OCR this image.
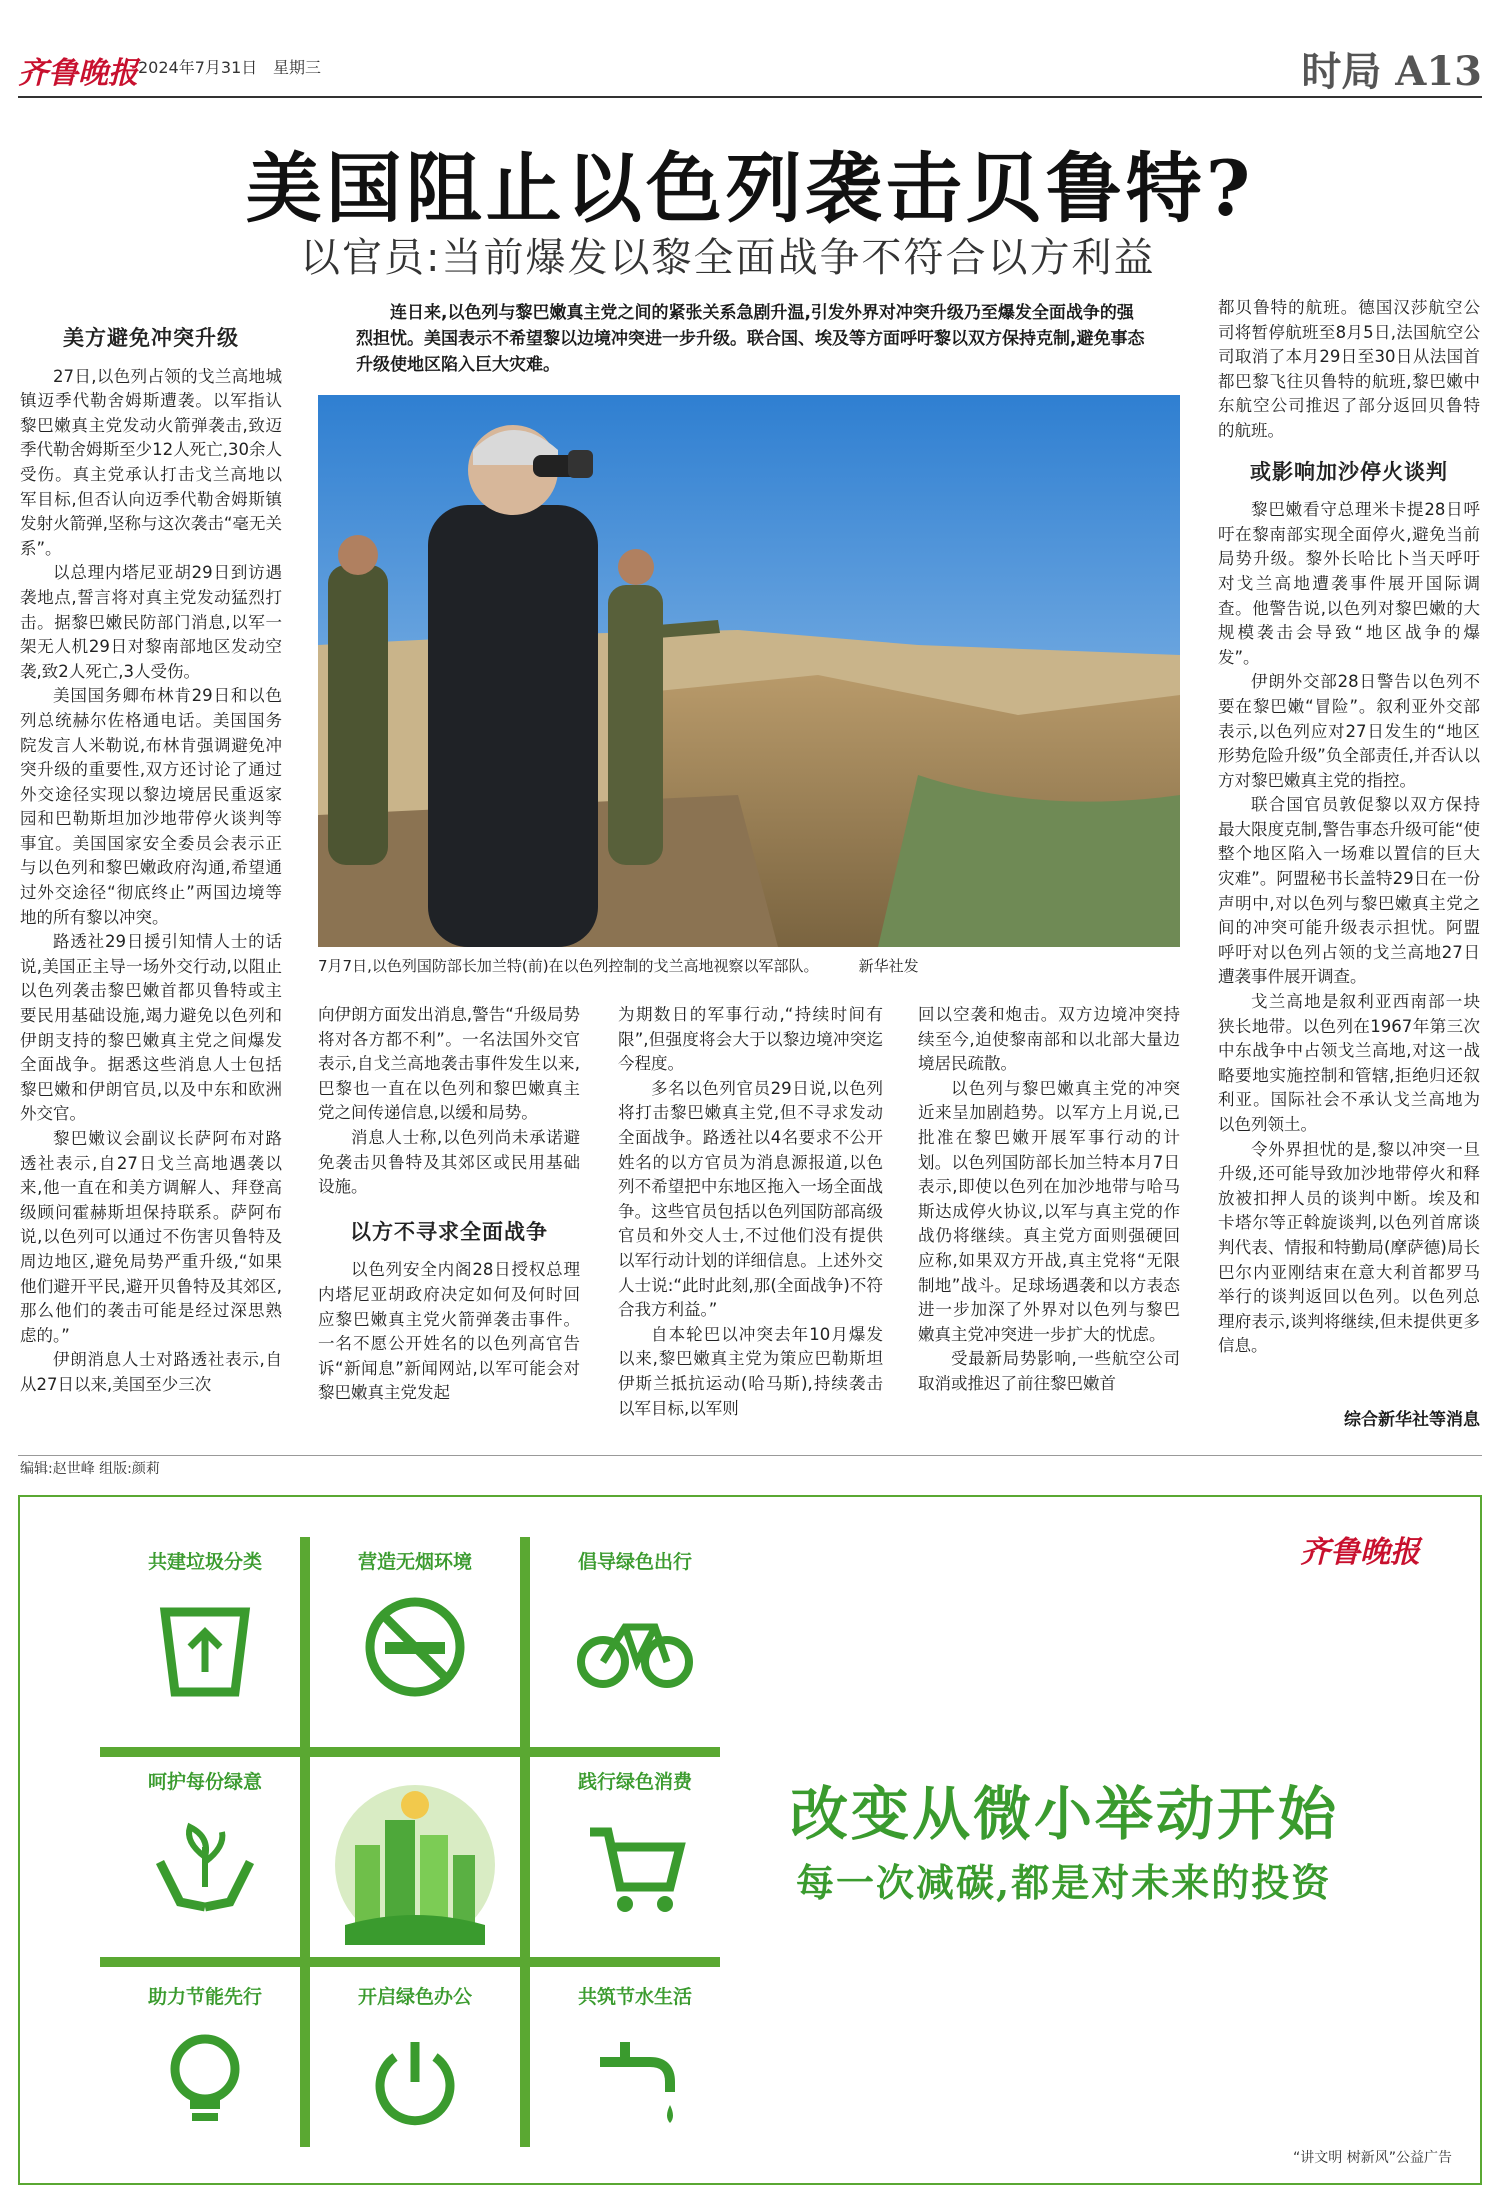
齐鲁晚报 2024年7月31日 星期三	时局 A13
美国阻止以色列袭击贝鲁特?
以官员:当前爆发以黎全面战争不符合以方利益
美方避免冲突升级

27日,以色列占领的戈兰高地城镇迈季代勒舍姆斯遭袭。以军指认黎巴嫩真主党发动火箭弹袭击,致迈季代勒舍姆斯至少12人死亡,30余人受伤。真主党承认打击戈兰高地以军目标,但否认向迈季代勒舍姆斯镇发射火箭弹,坚称与这次袭击“毫无关系”。

以总理内塔尼亚胡29日到访遇袭地点,誓言将对真主党发动猛烈打击。据黎巴嫩民防部门消息,以军一架无人机29日对黎南部地区发动空袭,致2人死亡,3人受伤。

美国国务卿布林肯29日和以色列总统赫尔佐格通电话。美国国务院发言人米勒说,布林肯强调避免冲突升级的重要性,双方还讨论了通过外交途径实现以黎边境居民重返家园和巴勒斯坦加沙地带停火谈判等事宜。美国国家安全委员会表示正与以色列和黎巴嫩政府沟通,希望通过外交途径“彻底终止”两国边境等地的所有黎以冲突。

路透社29日援引知情人士的话说,美国正主导一场外交行动,以阻止以色列袭击黎巴嫩首都贝鲁特或主要民用基础设施,竭力避免以色列和伊朗支持的黎巴嫩真主党之间爆发全面战争。据悉这些消息人士包括黎巴嫩和伊朗官员,以及中东和欧洲外交官。

黎巴嫩议会副议长萨阿布对路透社表示,自27日戈兰高地遇袭以来,他一直在和美方调解人、拜登高级顾问霍赫斯坦保持联系。萨阿布说,以色列可以通过不伤害贝鲁特及周边地区,避免局势严重升级,“如果他们避开平民,避开贝鲁特及其郊区,那么他们的袭击可能是经过深思熟虑的。”

伊朗消息人士对路透社表示,自从27日以来,美国至少三次

连日来,以色列与黎巴嫩真主党之间的紧张关系急剧升温,引发外界对冲突升级乃至爆发全面战争的强烈担忧。美国表示不希望黎以边境冲突进一步升级。联合国、埃及等方面呼吁黎以双方保持克制,避免事态升级使地区陷入巨大灾难。
7月7日,以色列国防部长加兰特(前)在以色列控制的戈兰高地视察以军部队。	新华社发

向伊朗方面发出消息,警告“升级局势将对各方都不利”。一名法国外交官表示,自戈兰高地袭击事件发生以来,巴黎也一直在以色列和黎巴嫩真主党之间传递信息,以缓和局势。

消息人士称,以色列尚未承诺避免袭击贝鲁特及其郊区或民用基础设施。

以方不寻求全面战争

以色列安全内阁28日授权总理内塔尼亚胡政府决定如何及何时回应黎巴嫩真主党火箭弹袭击事件。一名不愿公开姓名的以色列高官告诉“新闻息”新闻网站,以军可能会对黎巴嫩真主党发起

为期数日的军事行动,“持续时间有限”,但强度将会大于以黎边境冲突迄今程度。

多名以色列官员29日说,以色列将打击黎巴嫩真主党,但不寻求发动全面战争。路透社以4名要求不公开姓名的以方官员为消息源报道,以色列不希望把中东地区拖入一场全面战争。这些官员包括以色列国防部高级官员和外交人士,不过他们没有提供以军行动计划的详细信息。上述外交人士说:“此时此刻,那(全面战争)不符合我方利益。”

自本轮巴以冲突去年10月爆发以来,黎巴嫩真主党为策应巴勒斯坦伊斯兰抵抗运动(哈马斯),持续袭击以军目标,以军则

回以空袭和炮击。双方边境冲突持续至今,迫使黎南部和以北部大量边境居民疏散。

以色列与黎巴嫩真主党的冲突近来呈加剧趋势。以军方上月说,已批准在黎巴嫩开展军事行动的计划。以色列国防部长加兰特本月7日表示,即使以色列在加沙地带与哈马斯达成停火协议,以军与真主党的作战仍将继续。真主党方面则强硬回应称,如果双方开战,真主党将“无限制地”战斗。足球场遇袭和以方表态进一步加深了外界对以色列与黎巴嫩真主党冲突进一步扩大的忧虑。

受最新局势影响,一些航空公司取消或推迟了前往黎巴嫩首

都贝鲁特的航班。德国汉莎航空公司将暂停航班至8月5日,法国航空公司取消了本月29日至30日从法国首都巴黎飞往贝鲁特的航班,黎巴嫩中东航空公司推迟了部分返回贝鲁特的航班。

或影响加沙停火谈判

黎巴嫩看守总理米卡提28日呼吁在黎南部实现全面停火,避免当前局势升级。黎外长哈比卜当天呼吁对戈兰高地遭袭事件展开国际调查。他警告说,以色列对黎巴嫩的大规模袭击会导致“地区战争的爆发”。

伊朗外交部28日警告以色列不要在黎巴嫩“冒险”。叙利亚外交部表示,以色列应对27日发生的“地区形势危险升级”负全部责任,并否认以方对黎巴嫩真主党的指控。

联合国官员敦促黎以双方保持最大限度克制,警告事态升级可能“使整个地区陷入一场难以置信的巨大灾难”。阿盟秘书长盖特29日在一份声明中,对以色列与黎巴嫩真主党之间的冲突可能升级表示担忧。阿盟呼吁对以色列占领的戈兰高地27日遭袭事件展开调查。

戈兰高地是叙利亚西南部一块狭长地带。以色列在1967年第三次中东战争中占领戈兰高地,对这一战略要地实施控制和管辖,拒绝归还叙利亚。国际社会不承认戈兰高地为以色列领土。

令外界担忧的是,黎以冲突一旦升级,还可能导致加沙地带停火和释放被扣押人员的谈判中断。埃及和卡塔尔等正斡旋谈判,以色列首席谈判代表、情报和特勤局(摩萨德)局长巴尔内亚刚结束在意大利首都罗马举行的谈判返回以色列。以色列总理府表示,谈判将继续,但未提供更多信息。

综合新华社等消息
编辑:赵世峰 组版:颜莉
齐鲁晚报
共建垃圾分类	营造无烟环境	倡导绿色出行
呵护每份绿意	践行绿色消费
助力节能先行	开启绿色办公	共筑节水生活
改变从微小举动开始
每一次减碳,都是对未来的投资
“讲文明 树新风”公益广告
